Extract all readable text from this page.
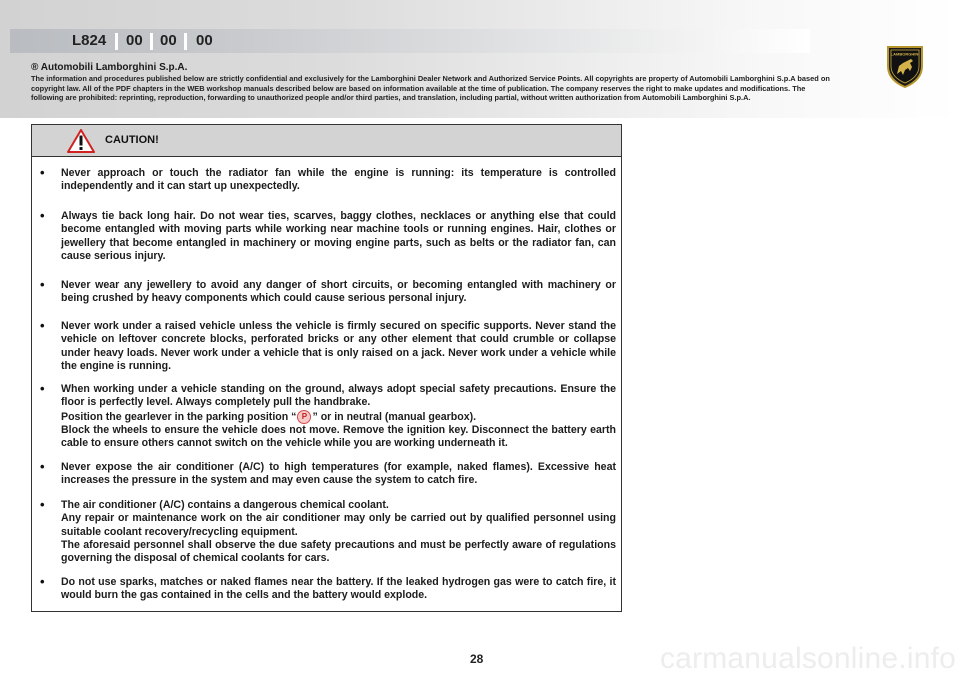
L824 00 00 00
LAMBORGHINI
® Automobili Lamborghini S.p.A.
The information and procedures published below are strictly confidential and exclusively for the Lamborghini Dealer Network and Authorized Service Points. All copyrights are property of Automobili Lamborghini S.p.A based on copyright law. All of the PDF chapters in the WEB workshop manuals described below are based on information available at the time of publication. The company reserves the right to make updates and modifications. The following are prohibited: reprinting, reproduction, forwarding to unauthorized people and/or third parties, and translation, including partial, without written authorization from Automobili Lamborghini S.p.A.
CAUTION!
• Never approach or touch the radiator fan while the engine is running: its temperature is controlled independently and it can start up unexpectedly.
• Always tie back long hair. Do not wear ties, scarves, baggy clothes, necklaces or anything else that could become entangled with moving parts while working near machine tools or running engines. Hair, clothes or jewellery that become entangled in machinery or moving engine parts, such as belts or the radiator fan, can cause serious injury.
• Never wear any jewellery to avoid any danger of short circuits, or becoming entangled with machinery or being crushed by heavy components which could cause serious personal injury.
• Never work under a raised vehicle unless the vehicle is firmly secured on specific supports. Never stand the vehicle on leftover concrete blocks, perforated bricks or any other element that could crumble or collapse under heavy loads. Never work under a vehicle that is only raised on a jack. Never work under a vehicle while the engine is running.
• When working under a vehicle standing on the ground, always adopt special safety precautions. Ensure the floor is perfectly level. Always completely pull the handbrake.
Position the gearlever in the parking position “ P ” or in neutral (manual gearbox).
Block the wheels to ensure the vehicle does not move. Remove the ignition key. Disconnect the battery earth cable to ensure others cannot switch on the vehicle while you are working underneath it.
• Never expose the air conditioner (A/C) to high temperatures (for example, naked flames). Excessive heat increases the pressure in the system and may even cause the system to catch fire.
• The air conditioner (A/C) contains a dangerous chemical coolant.
Any repair or maintenance work on the air conditioner may only be carried out by qualified personnel using suitable coolant recovery/recycling equipment.
The aforesaid personnel shall observe the due safety precautions and must be perfectly aware of regulations governing the disposal of chemical coolants for cars.
• Do not use sparks, matches or naked flames near the battery. If the leaked hydrogen gas were to catch fire, it would burn the gas contained in the cells and the battery would explode.
28	carmanualsonline.info
